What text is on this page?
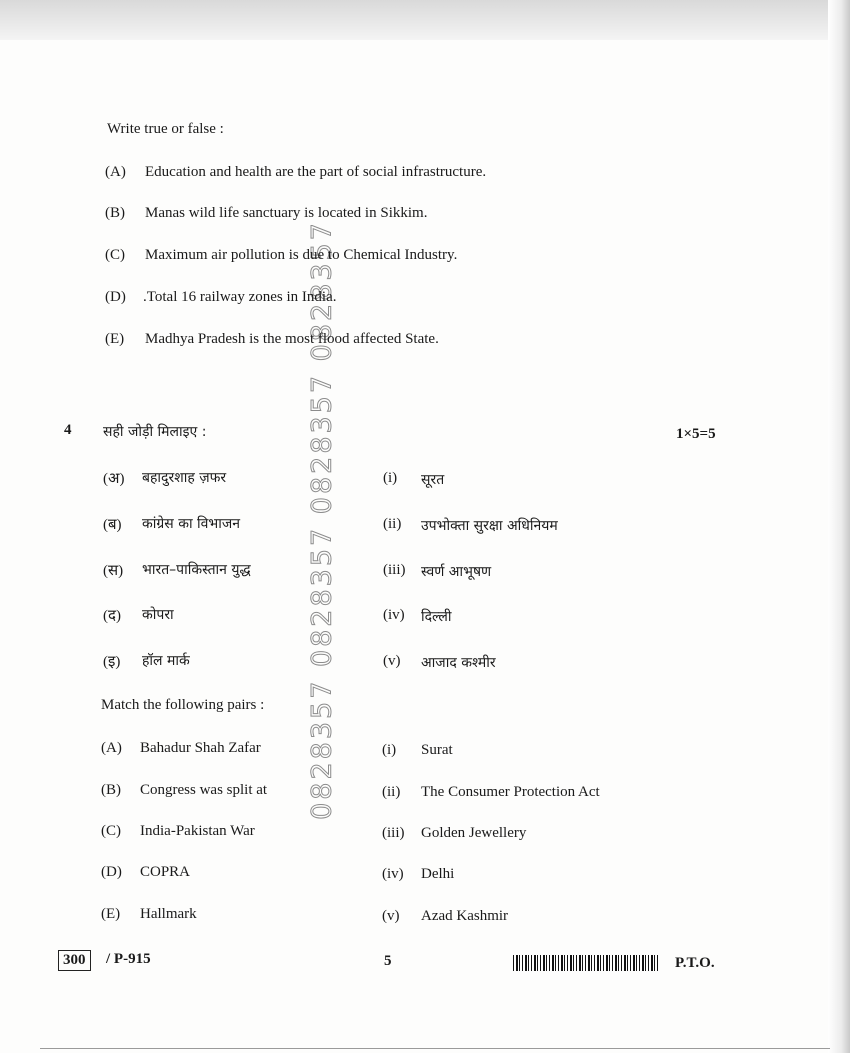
0828357 0828357 0828357 0828357
Write true or false :
(A) Education and health are the part of social infrastructure.
(B) Manas wild life sanctuary is located in Sikkim.
(C) Maximum air pollution is due to Chemical Industry.
(D) .Total 16 railway zones in India.
(E) Madhya Pradesh is the most flood affected State.
4 सही जोड़ी मिलाइए :	1×5=5
(अ) बहादुरशाह ज़फर	(i) सूरत
(ब) कांग्रेस का विभाजन	(ii) उपभोक्ता सुरक्षा अधिनियम
(स) भारत–पाकिस्तान युद्ध	(iii) स्वर्ण आभूषण
(द) कोपरा	(iv) दिल्ली
(इ) हॉल मार्क	(v) आजाद कश्मीर
Match the following pairs :
(A) Bahadur Shah Zafar	(i) Surat
(B) Congress was split at	(ii) The Consumer Protection Act
(C) India-Pakistan War	(iii) Golden Jewellery
(D) COPRA	(iv) Delhi
(E) Hallmark	(v) Azad Kashmir
300	/ P-915	5	P.T.O.
